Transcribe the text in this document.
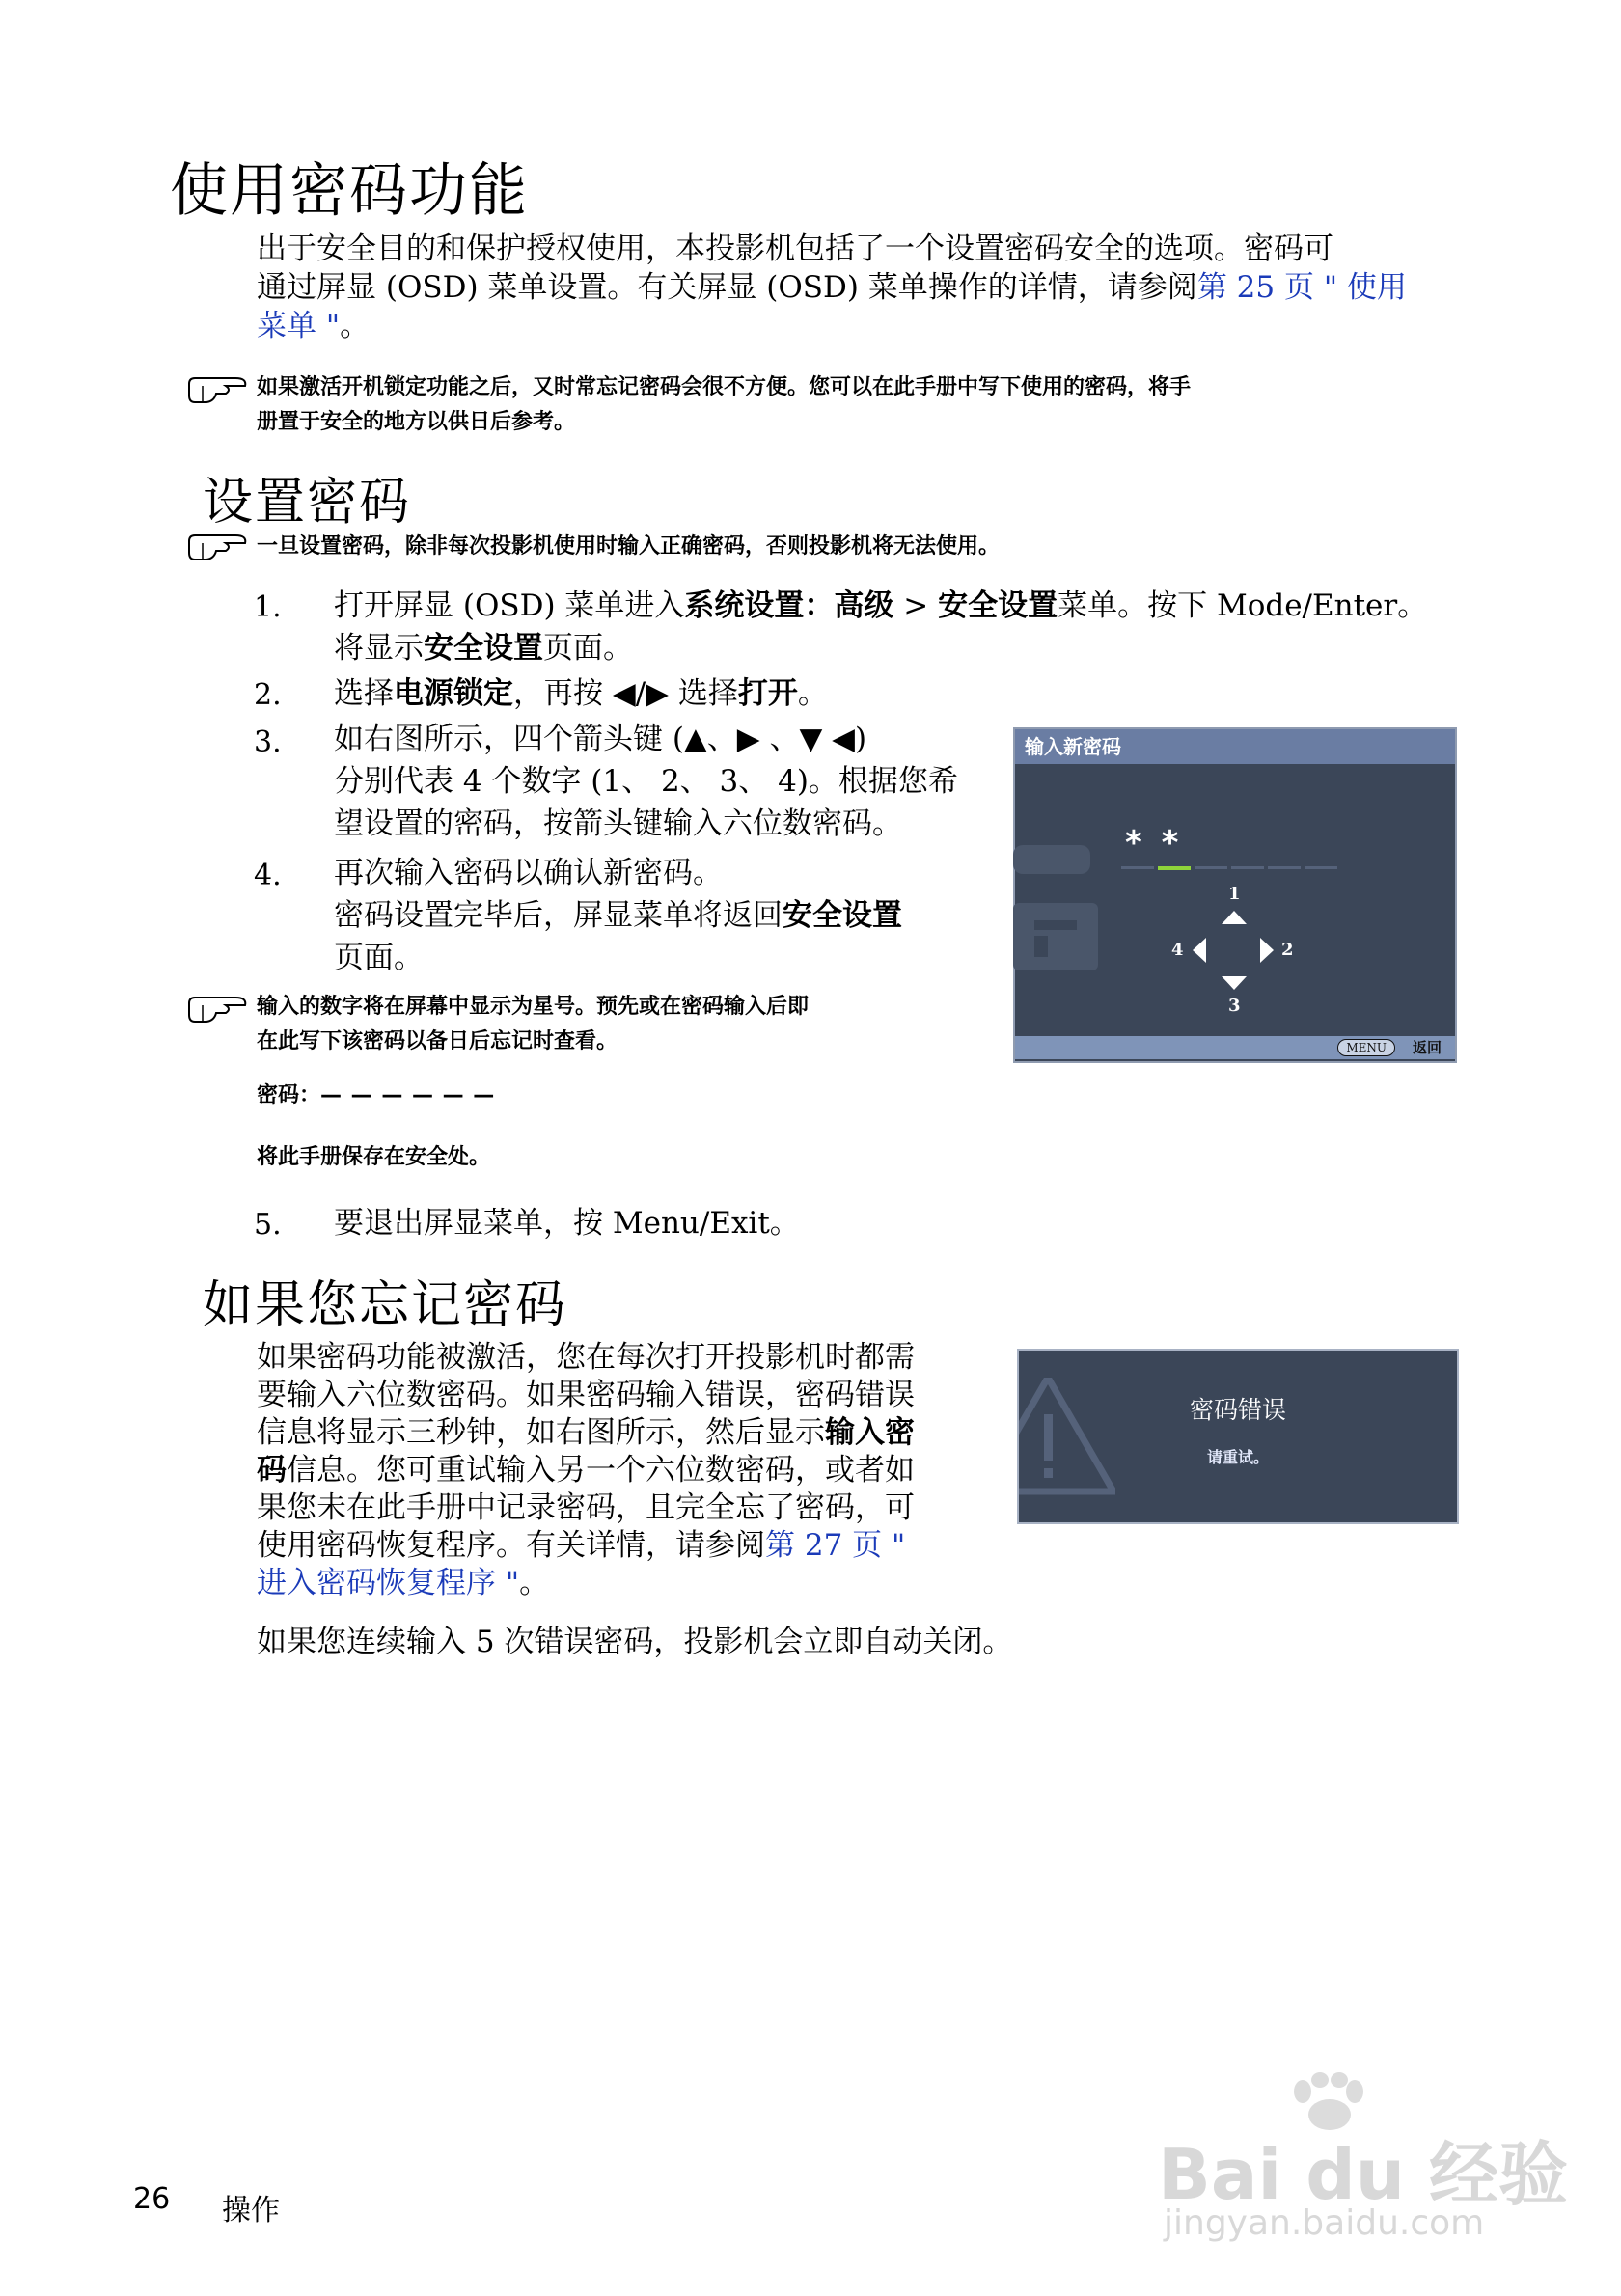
使用密码功能
出于安全目的和保护授权使用，本投影机包括了一个设置密码安全的选项。密码可
通过屏显 (OSD) 菜单设置。有关屏显 (OSD) 菜单操作的详情，请参阅第 25 页 " 使用
菜单 "。
如果激活开机锁定功能之后，又时常忘记密码会很不方便。您可以在此手册中写下使用的密码，将手
册置于安全的地方以供日后参考。
设置密码
一旦设置密码，除非每次投影机使用时输入正确密码，否则投影机将无法使用。
1. 打开屏显 (OSD) 菜单进入系统设置：高级 > 安全设置菜单。按下 Mode/Enter。
将显示安全设置页面。
2. 选择电源锁定，再按 ◀/▶ 选择打开。
3. 如右图所示，四个箭头键 (▲、▶ 、▼ ◀)
分别代表 4 个数字 (1、 2、 3、 4)。根据您希
望设置的密码，按箭头键输入六位数密码。
4. 再次输入密码以确认新密码。
密码设置完毕后，屏显菜单将返回安全设置
页面。
输入的数字将在屏幕中显示为星号。预先或在密码输入后即
在此写下该密码以备日后忘记时查看。
密码：— — — — — —
将此手册保存在安全处。
5. 要退出屏显菜单，按 Menu/Exit。
输入新密码
* *
1
4	2
3
MENU	返回
如果您忘记密码
如果密码功能被激活，您在每次打开投影机时都需
要输入六位数密码。如果密码输入错误，密码错误
信息将显示三秒钟，如右图所示，然后显示输入密
码信息。您可重试输入另一个六位数密码，或者如
果您未在此手册中记录密码，且完全忘了密码，可
使用密码恢复程序。有关详情，请参阅第 27 页 "
进入密码恢复程序 "。
如果您连续输入 5 次错误密码，投影机会立即自动关闭。
密码错误
请重试。
26 操作	Bai du 经验
jingyan.baidu.com
